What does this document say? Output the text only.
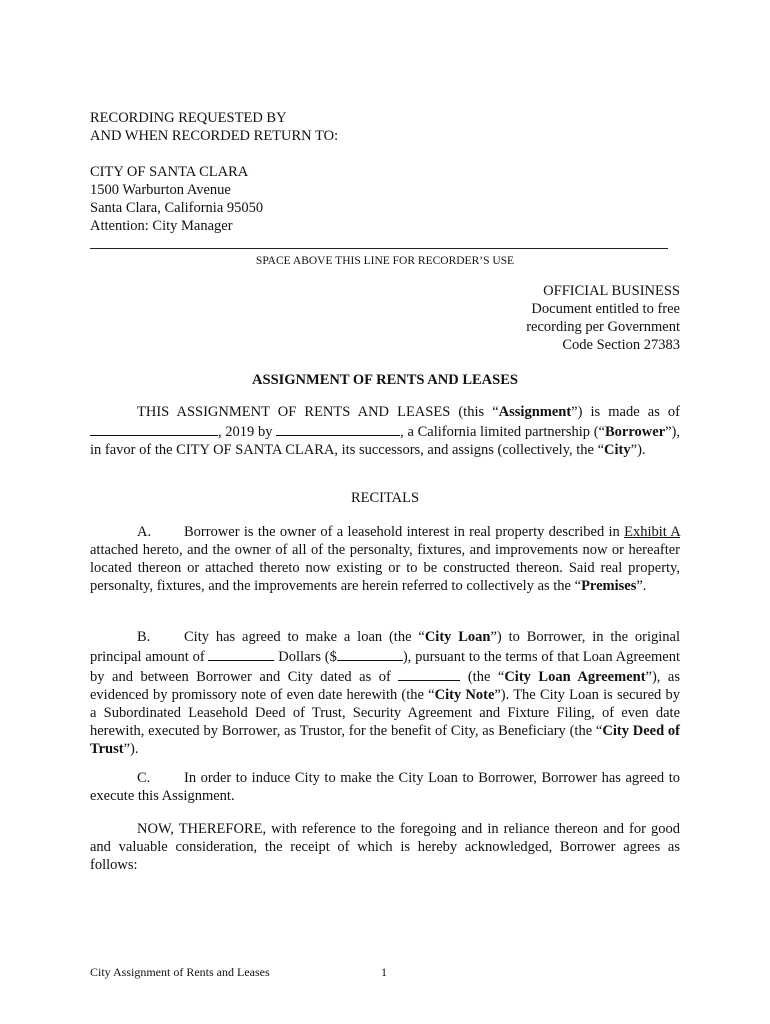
RECORDING REQUESTED BY
AND WHEN RECORDED RETURN TO:
CITY OF SANTA CLARA
1500 Warburton Avenue
Santa Clara, California 95050
Attention: City Manager
SPACE ABOVE THIS LINE FOR RECORDER’S USE
OFFICIAL BUSINESS
Document entitled to free
recording per Government
Code Section 27383
ASSIGNMENT OF RENTS AND LEASES
THIS ASSIGNMENT OF RENTS AND LEASES (this “Assignment”) is made as of, 2019 by	, a California limited partnership (“Borrower”), in favor of the CITY OF SANTA CLARA, its successors, and assigns (collectively, the “City”).
RECITALS
A. Borrower is the owner of a leasehold interest in real property described in Exhibit A attached hereto, and the owner of all of the personalty, fixtures, and improvements now or hereafter located thereon or attached thereto now existing or to be constructed thereon. Said real property, personalty, fixtures, and the improvements are herein referred to collectively as the “Premises”.
B. City has agreed to make a loan (the “City Loan”) to Borrower, in the original principal amount of	Dollars ($	), pursuant to the terms of that Loan Agreement by and between Borrower and City dated as of	(the “City Loan Agreement”), as evidenced by promissory note of even date herewith (the “City Note”). The City Loan is secured by a Subordinated Leasehold Deed of Trust, Security Agreement and Fixture Filing, of even date herewith, executed by Borrower, as Trustor, for the benefit of City, as Beneficiary (the “City Deed of Trust”).
C. In order to induce City to make the City Loan to Borrower, Borrower has agreed to execute this Assignment.
NOW, THEREFORE, with reference to the foregoing and in reliance thereon and for good and valuable consideration, the receipt of which is hereby acknowledged, Borrower agrees as follows:
City Assignment of Rents and Leases	1
